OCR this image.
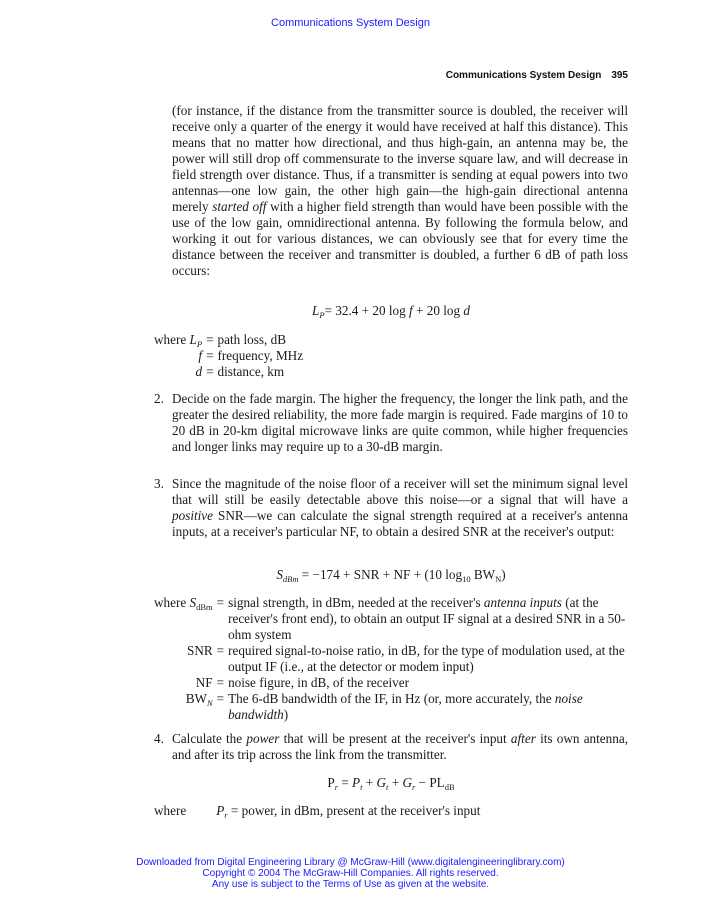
Communications System Design
Communications System Design 395
(for instance, if the distance from the transmitter source is doubled, the receiver will receive only a quarter of the energy it would have received at half this distance). This means that no matter how directional, and thus high-gain, an antenna may be, the power will still drop off commensurate to the inverse square law, and will decrease in field strength over distance. Thus, if a transmitter is sending at equal powers into two antennas—one low gain, the other high gain—the high-gain directional antenna merely started off with a higher field strength than would have been possible with the use of the low gain, omnidirectional antenna. By following the formula below, and working it out for various distances, we can obviously see that for every time the distance between the receiver and transmitter is doubled, a further 6 dB of path loss occurs:
$L_P= 32.4 + 20$ log f + 20 log d
where $L_P$	=	path loss, dB
f	=	frequency, MHz
d	=	distance, km
2. Decide on the fade margin. The higher the frequency, the longer the link path, and the greater the desired reliability, the more fade margin is required. Fade margins of 10 to 20 dB in 20-km digital microwave links are quite common, while higher frequencies and longer links may require up to a 30-dB margin.
3. Since the magnitude of the noise floor of a receiver will set the minimum signal level that will still be easily detectable above this noise—or a signal that will have a positive SNR—we can calculate the signal strength required at a receiver's antenna inputs, at a receiver's particular NF, to obtain a desired SNR at the receiver's output:
$S_{dBm} = -174$ + SNR + NF + (10 $\log_{10} BW_N$)
where $S_{dBm}$	=	signal strength, in dBm, needed at the receiver's antenna inputs (at the receiver's front end), to obtain an output IF signal at a desired SNR in a 50-ohm system
SNR	=	required signal-to-noise ratio, in dB, for the type of modulation used, at the output IF (i.e., at the detector or modem input)
NF	=	noise figure, in dB, of the receiver
$BW_N$	=	The 6-dB bandwidth of the IF, in Hz (or, more accurately, the noise bandwidth)
4. Calculate the power that will be present at the receiver's input after its own antenna, and after its trip across the link from the transmitter.
$P_r = P_t + G_t + G_r - PL_{dB}$
where $P_r$ = power, in dBm, present at the receiver's input
Downloaded from Digital Engineering Library @ McGraw-Hill (www.digitalengineeringlibrary.com)
Copyright © 2004 The McGraw-Hill Companies. All rights reserved.
Any use is subject to the Terms of Use as given at the website.
